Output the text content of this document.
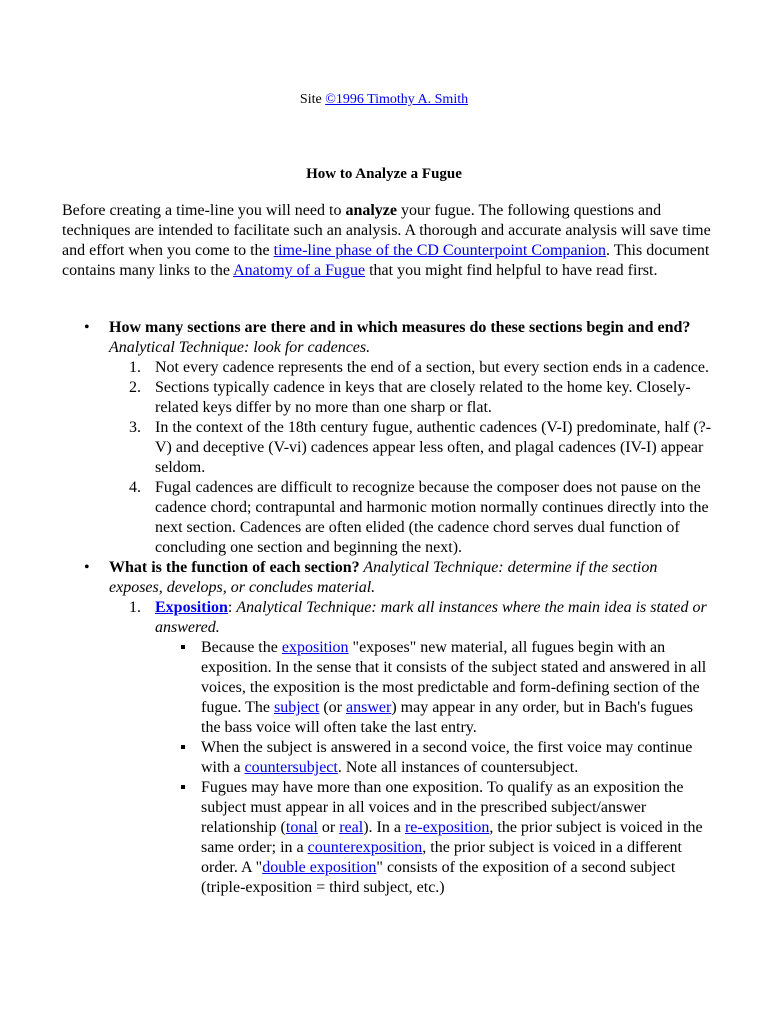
Site ©1996 Timothy A. Smith
How to Analyze a Fugue

Before creating a time-line you will need to analyze your fugue. The following questions and techniques are intended to facilitate such an analysis. A thorough and accurate analysis will save time and effort when you come to the time-line phase of the CD Counterpoint Companion. This document contains many links to the Anatomy of a Fugue that you might find helpful to have read first.

• How many sections are there and in which measures do these sections begin and end? Analytical Technique: look for cadences.
1. Not every cadence represents the end of a section, but every section ends in a cadence.
2. Sections typically cadence in keys that are closely related to the home key. Closely-related keys differ by no more than one sharp or flat.
3. In the context of the 18th century fugue, authentic cadences (V-I) predominate, half (?-V) and deceptive (V-vi) cadences appear less often, and plagal cadences (IV-I) appear seldom.
4. Fugal cadences are difficult to recognize because the composer does not pause on the cadence chord; contrapuntal and harmonic motion normally continues directly into the next section. Cadences are often elided (the cadence chord serves dual function of concluding one section and beginning the next).
• What is the function of each section? Analytical Technique: determine if the section exposes, develops, or concludes material.
1. Exposition: Analytical Technique: mark all instances where the main idea is stated or answered.
Because the exposition "exposes" new material, all fugues begin with an exposition. In the sense that it consists of the subject stated and answered in all voices, the exposition is the most predictable and form-defining section of the fugue. The subject (or answer) may appear in any order, but in Bach's fugues the bass voice will often take the last entry.
When the subject is answered in a second voice, the first voice may continue with a countersubject. Note all instances of countersubject.
Fugues may have more than one exposition. To qualify as an exposition the subject must appear in all voices and in the prescribed subject/answer relationship (tonal or real). In a re-exposition, the prior subject is voiced in the same order; in a counterexposition, the prior subject is voiced in a different order. A "double exposition" consists of the exposition of a second subject (triple-exposition = third subject, etc.)
